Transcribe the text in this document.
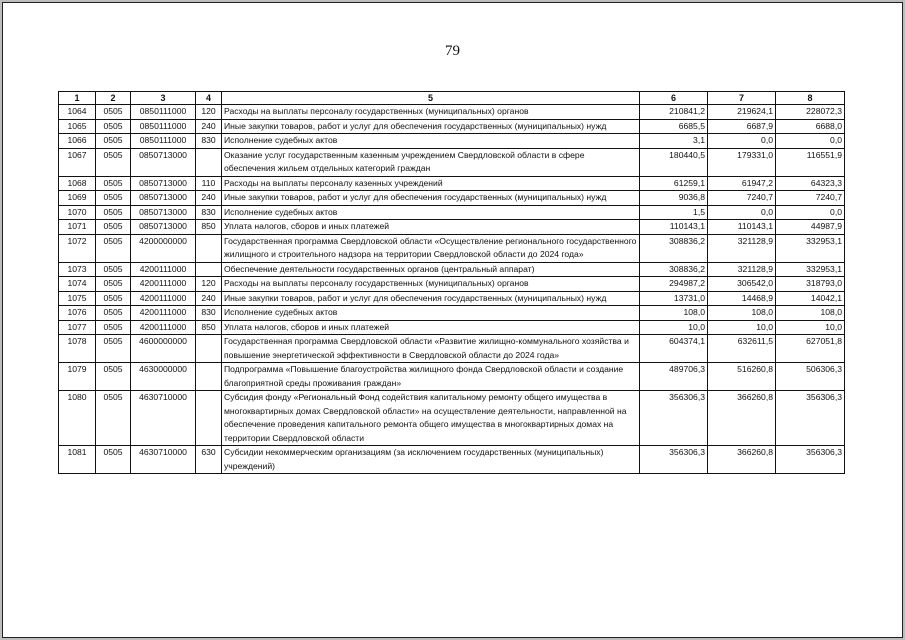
79
1	2	3	4	5	6	7	8
1064	0505	0850111000	120	Расходы на выплаты персоналу государственных (муниципальных) органов	210841,2	219624,1	228072,3
1065	0505	0850111000	240	Иные закупки товаров, работ и услуг для обеспечения государственных (муниципальных) нужд	6685,5	6687,9	6688,0
1066	0505	0850111000	830	Исполнение судебных актов	3,1	0,0	0,0
1067	0505	0850713000		Оказание услуг государственным казенным учреждением Свердловской области в сфере обеспечения жильем отдельных категорий граждан	180440,5	179331,0	116551,9
1068	0505	0850713000	110	Расходы на выплаты персоналу казенных учреждений	61259,1	61947,2	64323,3
1069	0505	0850713000	240	Иные закупки товаров, работ и услуг для обеспечения государственных (муниципальных) нужд	9036,8	7240,7	7240,7
1070	0505	0850713000	830	Исполнение судебных актов	1,5	0,0	0,0
1071	0505	0850713000	850	Уплата налогов, сборов и иных платежей	110143,1	110143,1	44987,9
1072	0505	4200000000		Государственная программа Свердловской области «Осуществление регионального государственного жилищного и строительного надзора на территории Свердловской области до 2024 года»	308836,2	321128,9	332953,1
1073	0505	4200111000		Обеспечение деятельности государственных органов (центральный аппарат)	308836,2	321128,9	332953,1
1074	0505	4200111000	120	Расходы на выплаты персоналу государственных (муниципальных) органов	294987,2	306542,0	318793,0
1075	0505	4200111000	240	Иные закупки товаров, работ и услуг для обеспечения государственных (муниципальных) нужд	13731,0	14468,9	14042,1
1076	0505	4200111000	830	Исполнение судебных актов	108,0	108,0	108,0
1077	0505	4200111000	850	Уплата налогов, сборов и иных платежей	10,0	10,0	10,0
1078	0505	4600000000		Государственная программа Свердловской области «Развитие жилищно-коммунального хозяйства и повышение энергетической эффективности в Свердловской области до 2024 года»	604374,1	632611,5	627051,8
1079	0505	4630000000		Подпрограмма «Повышение благоустройства жилищного фонда Свердловской области и создание благоприятной среды проживания граждан»	489706,3	516260,8	506306,3
1080	0505	4630710000		Субсидия фонду «Региональный Фонд содействия капитальному ремонту общего имущества в многоквартирных домах Свердловской области» на осуществление деятельности, направленной на обеспечение проведения капитального ремонта общего имущества в многоквартирных домах на территории Свердловской области	356306,3	366260,8	356306,3
1081	0505	4630710000	630	Субсидии некоммерческим организациям (за исключением государственных (муниципальных) учреждений)	356306,3	366260,8	356306,3
